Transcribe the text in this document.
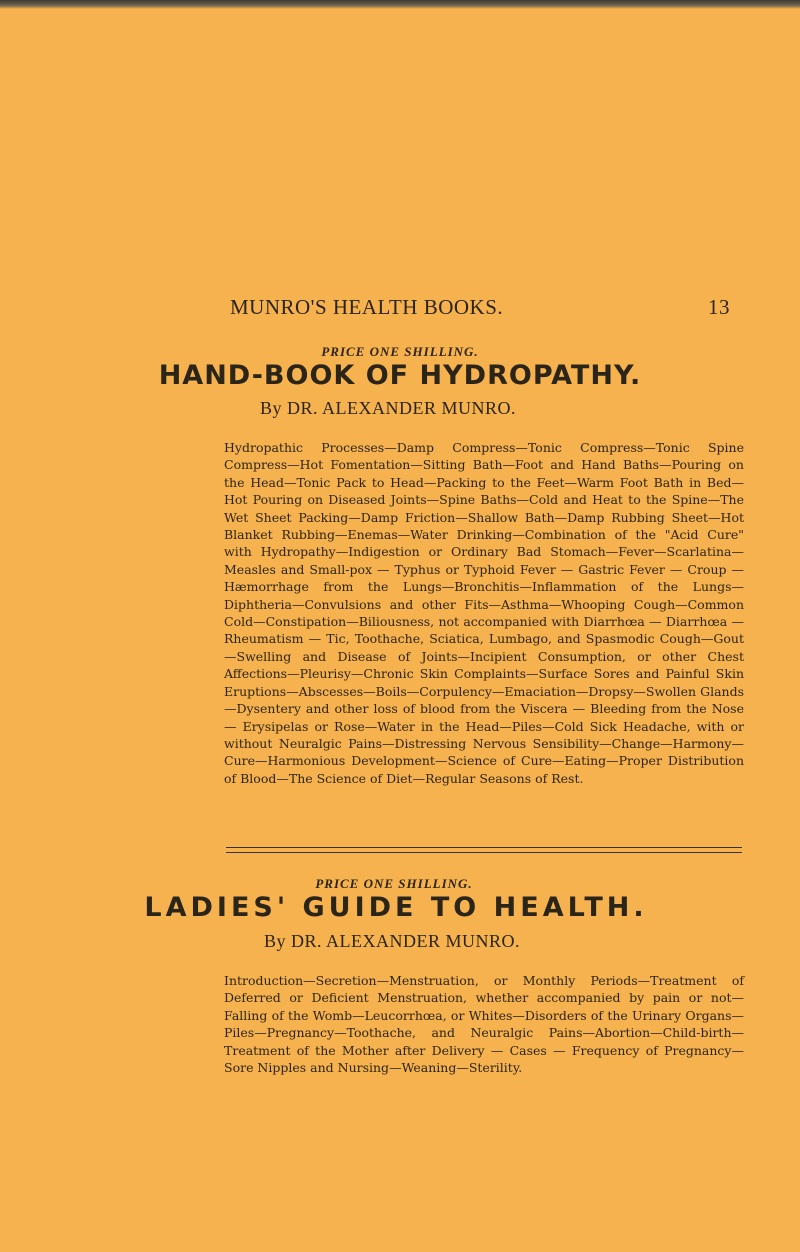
MUNRO'S HEALTH BOOKS.	13
PRICE ONE SHILLING.
HAND-BOOK OF HYDROPATHY.
By DR. ALEXANDER MUNRO.
Hydropathic Processes—Damp Compress—Tonic Compress—Tonic Spine Compress—Hot Fomentation—Sitting Bath—Foot and Hand Baths—Pouring on the Head—Tonic Pack to Head—Packing to the Feet—Warm Foot Bath in Bed—Hot Pouring on Diseased Joints—Spine Baths—Cold and Heat to the Spine—The Wet Sheet Packing—Damp Friction—Shallow Bath—Damp Rubbing Sheet—Hot Blanket Rubbing—Enemas—Water Drinking—Combination of the "Acid Cure" with Hydropathy—Indigestion or Ordinary Bad Stomach—Fever—Scarlatina—Measles and Small-pox — Typhus or Typhoid Fever — Gastric Fever — Croup — Hæmorrhage from the Lungs—Bronchitis—Inflammation of the Lungs—Diphtheria—Convulsions and other Fits—Asthma—Whooping Cough—Common Cold—Constipation—Biliousness, not accompanied with Diarrhœa — Diarrhœa — Rheumatism — Tic, Toothache, Sciatica, Lumbago, and Spasmodic Cough—Gout—Swelling and Disease of Joints—Incipient Consumption, or other Chest Affections—Pleurisy—Chronic Skin Complaints—Surface Sores and Painful Skin Eruptions—Abscesses—Boils—Corpulency—Emaciation—Dropsy—Swollen Glands—Dysentery and other loss of blood from the Viscera — Bleeding from the Nose — Erysipelas or Rose—Water in the Head—Piles—Cold Sick Headache, with or without Neuralgic Pains—Distressing Nervous Sensibility—Change—Harmony—Cure—Harmonious Development—Science of Cure—Eating—Proper Distribution of Blood—The Science of Diet—Regular Seasons of Rest.
PRICE ONE SHILLING.
LADIES' GUIDE TO HEALTH.
By DR. ALEXANDER MUNRO.
Introduction—Secretion—Menstruation, or Monthly Periods—Treatment of Deferred or Deficient Menstruation, whether accompanied by pain or not—Falling of the Womb—Leucorrhœa, or Whites—Disorders of the Urinary Organs—Piles—Pregnancy—Toothache, and Neuralgic Pains—Abortion—Child-birth—Treatment of the Mother after Delivery — Cases — Frequency of Pregnancy—Sore Nipples and Nursing—Weaning—Sterility.
